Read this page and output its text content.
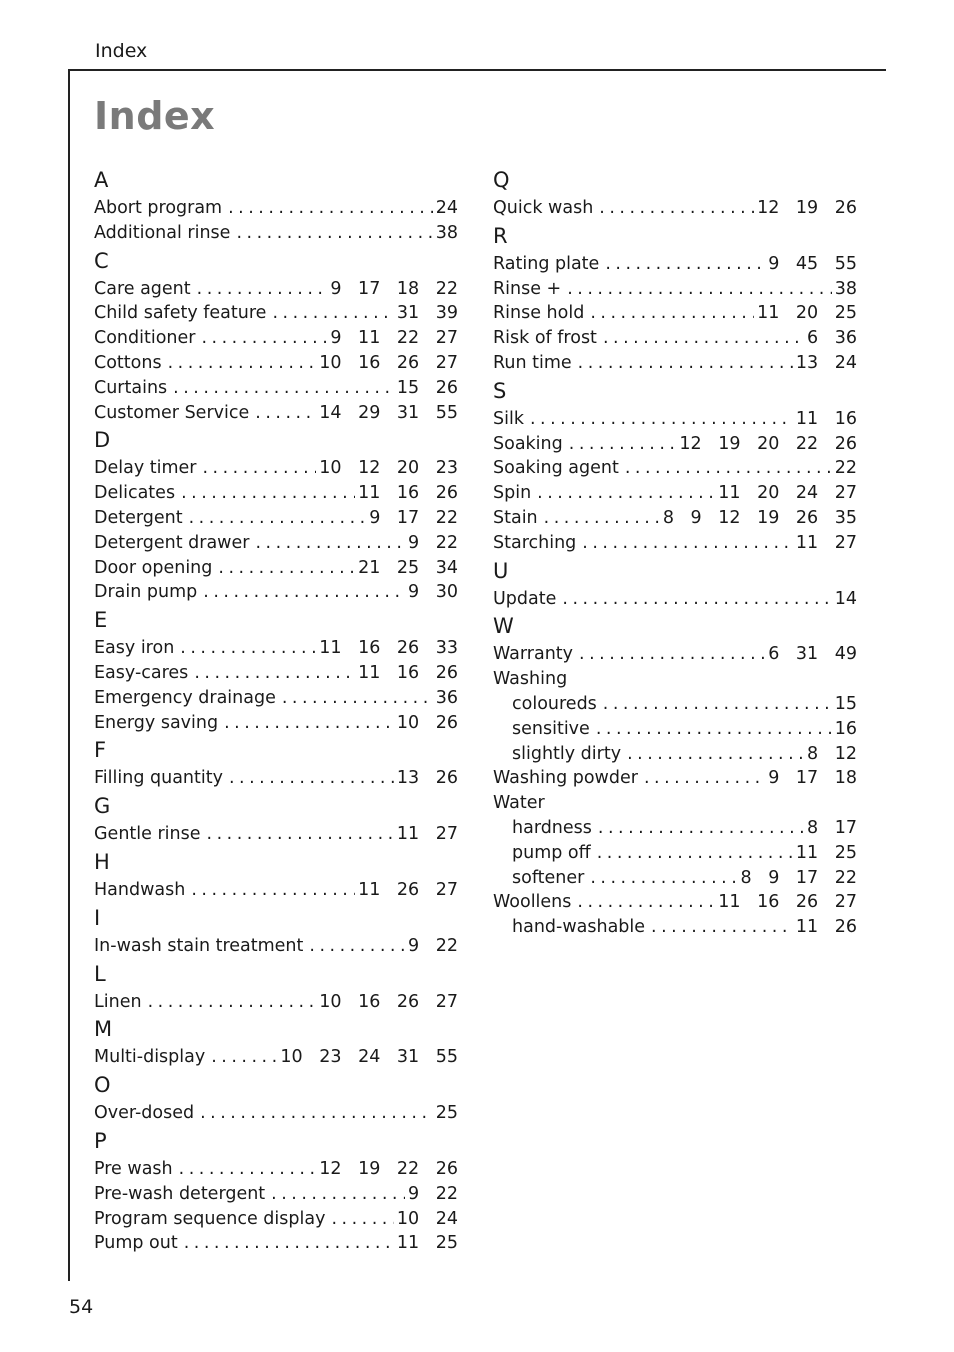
Index
Index
A
Abort program .....	24
Additional rinse .....	38
C
Care agent .....	9 17 18 22
Child safety feature .....	31 39
Conditioner .....	9 11 22 27
Cottons .....	10 16 26 27
Curtains .....	15 26
Customer Service .....	14 29 31 55
D
Delay timer .....	10 12 20 23
Delicates .....	11 16 26
Detergent .....	9 17 22
Detergent drawer .....	9 22
Door opening .....	21 25 34
Drain pump .....	9 30
E
Easy iron .....	11 16 26 33
Easy-cares .....	11 16 26
Emergency drainage .....	36
Energy saving .....	10 26
F
Filling quantity .....	13 26
G
Gentle rinse .....	11 27
H
Handwash .....	11 26 27
I
In-wash stain treatment .....	9 22
L
Linen .....	10 16 26 27
M
Multi-display .....	10 23 24 31 55
O
Over-dosed .....	25
P
Pre wash .....	12 19 22 26
Pre-wash detergent .....	9 22
Program sequence display .....	10 24
Pump out .....	11 25
Q
Quick wash .....	12 19 26
R
Rating plate .....	9 45 55
Rinse + .....	38
Rinse hold .....	11 20 25
Risk of frost .....	6 36
Run time .....	13 24
S
Silk .....	11 16
Soaking .....	12 19 20 22 26
Soaking agent .....	22
Spin .....	11 20 24 27
Stain .....	8 9 12 19 26 35
Starching .....	11 27
U
Update .....	14
W
Warranty .....	6 31 49
Washing
coloureds .....	15
sensitive .....	16
slightly dirty .....	8 12
Washing powder .....	9 17 18
Water
hardness .....	8 17
pump off .....	11 25
softener .....	8 9 17 22
Woollens .....	11 16 26 27
hand-washable .....	11 26
54
